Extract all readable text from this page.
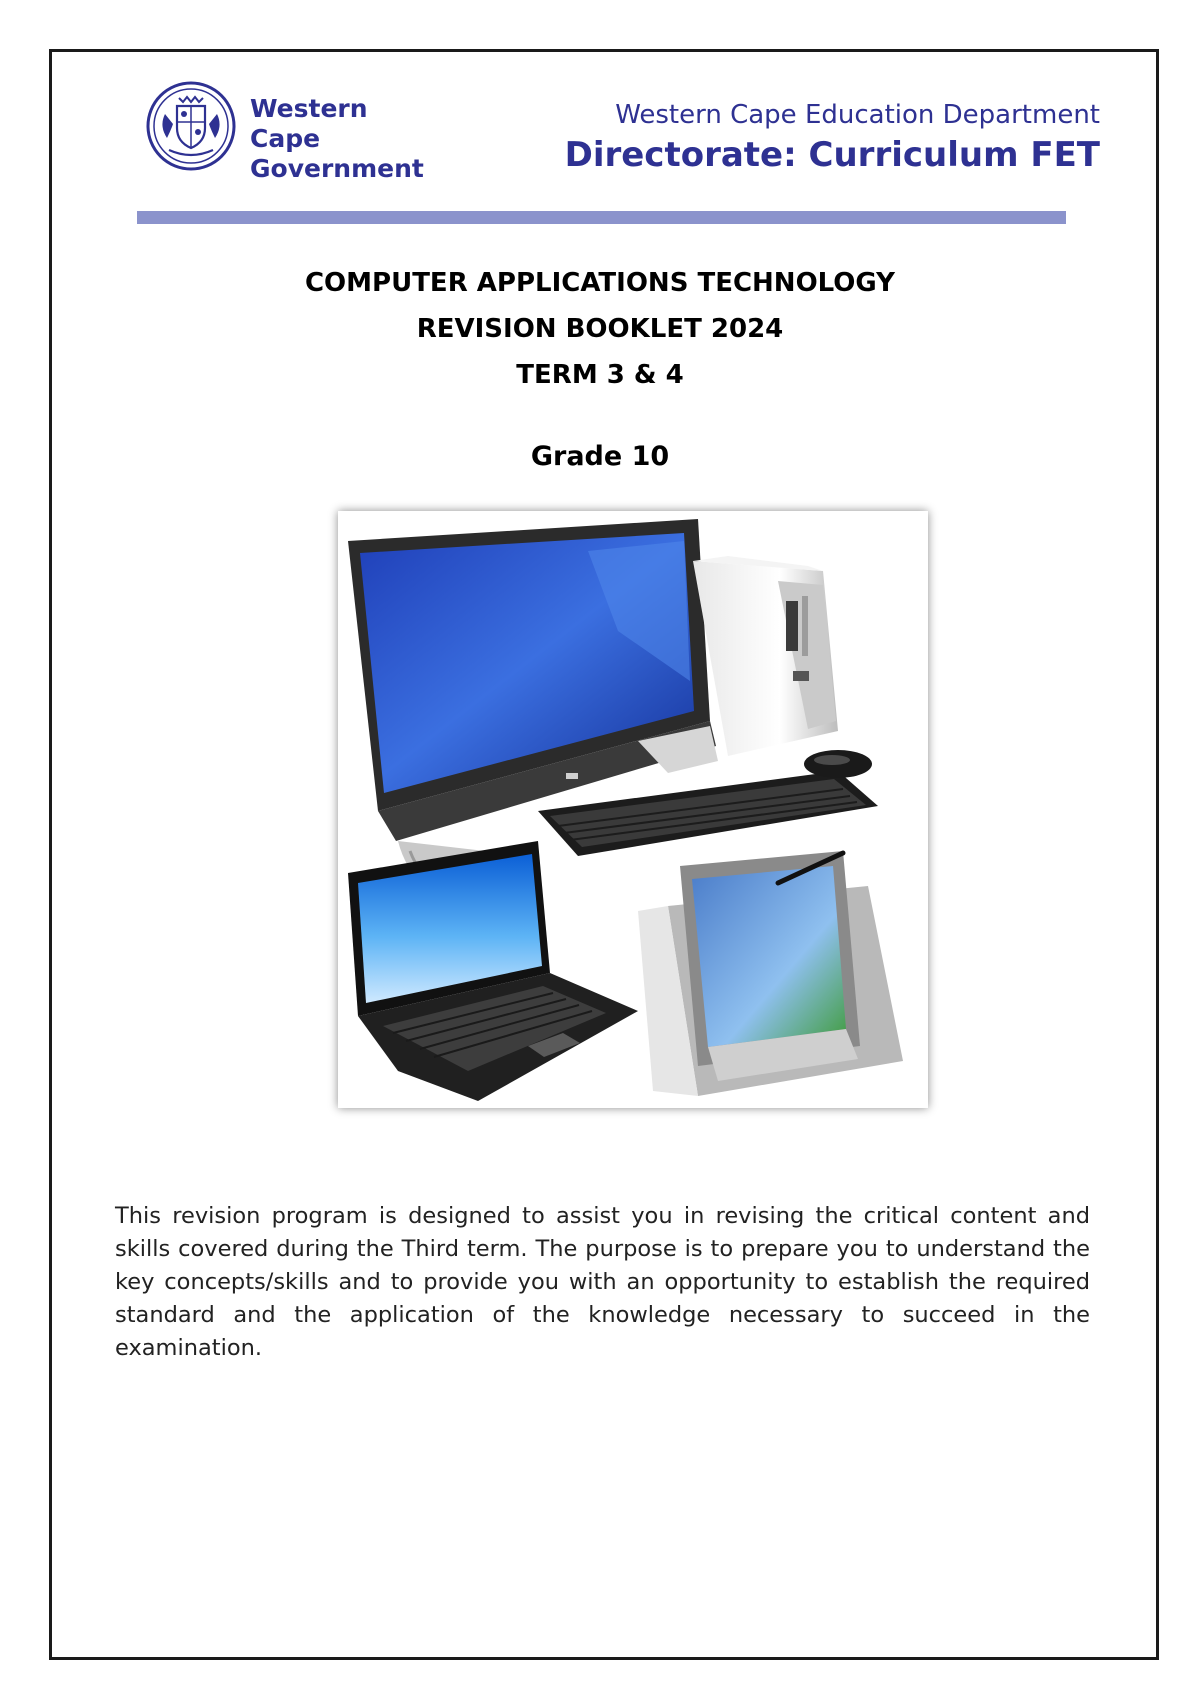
Western Cape
Government
Western Cape Education Department
Directorate: Curriculum FET
COMPUTER APPLICATIONS TECHNOLOGY
REVISION BOOKLET 2024
TERM 3 & 4
Grade 10
This revision program is designed to assist you in revising the critical content and skills covered during the Third term. The purpose is to prepare you to understand the key concepts/skills and to provide you with an opportunity to establish the required standard and the application of the knowledge necessary to succeed in the examination.
